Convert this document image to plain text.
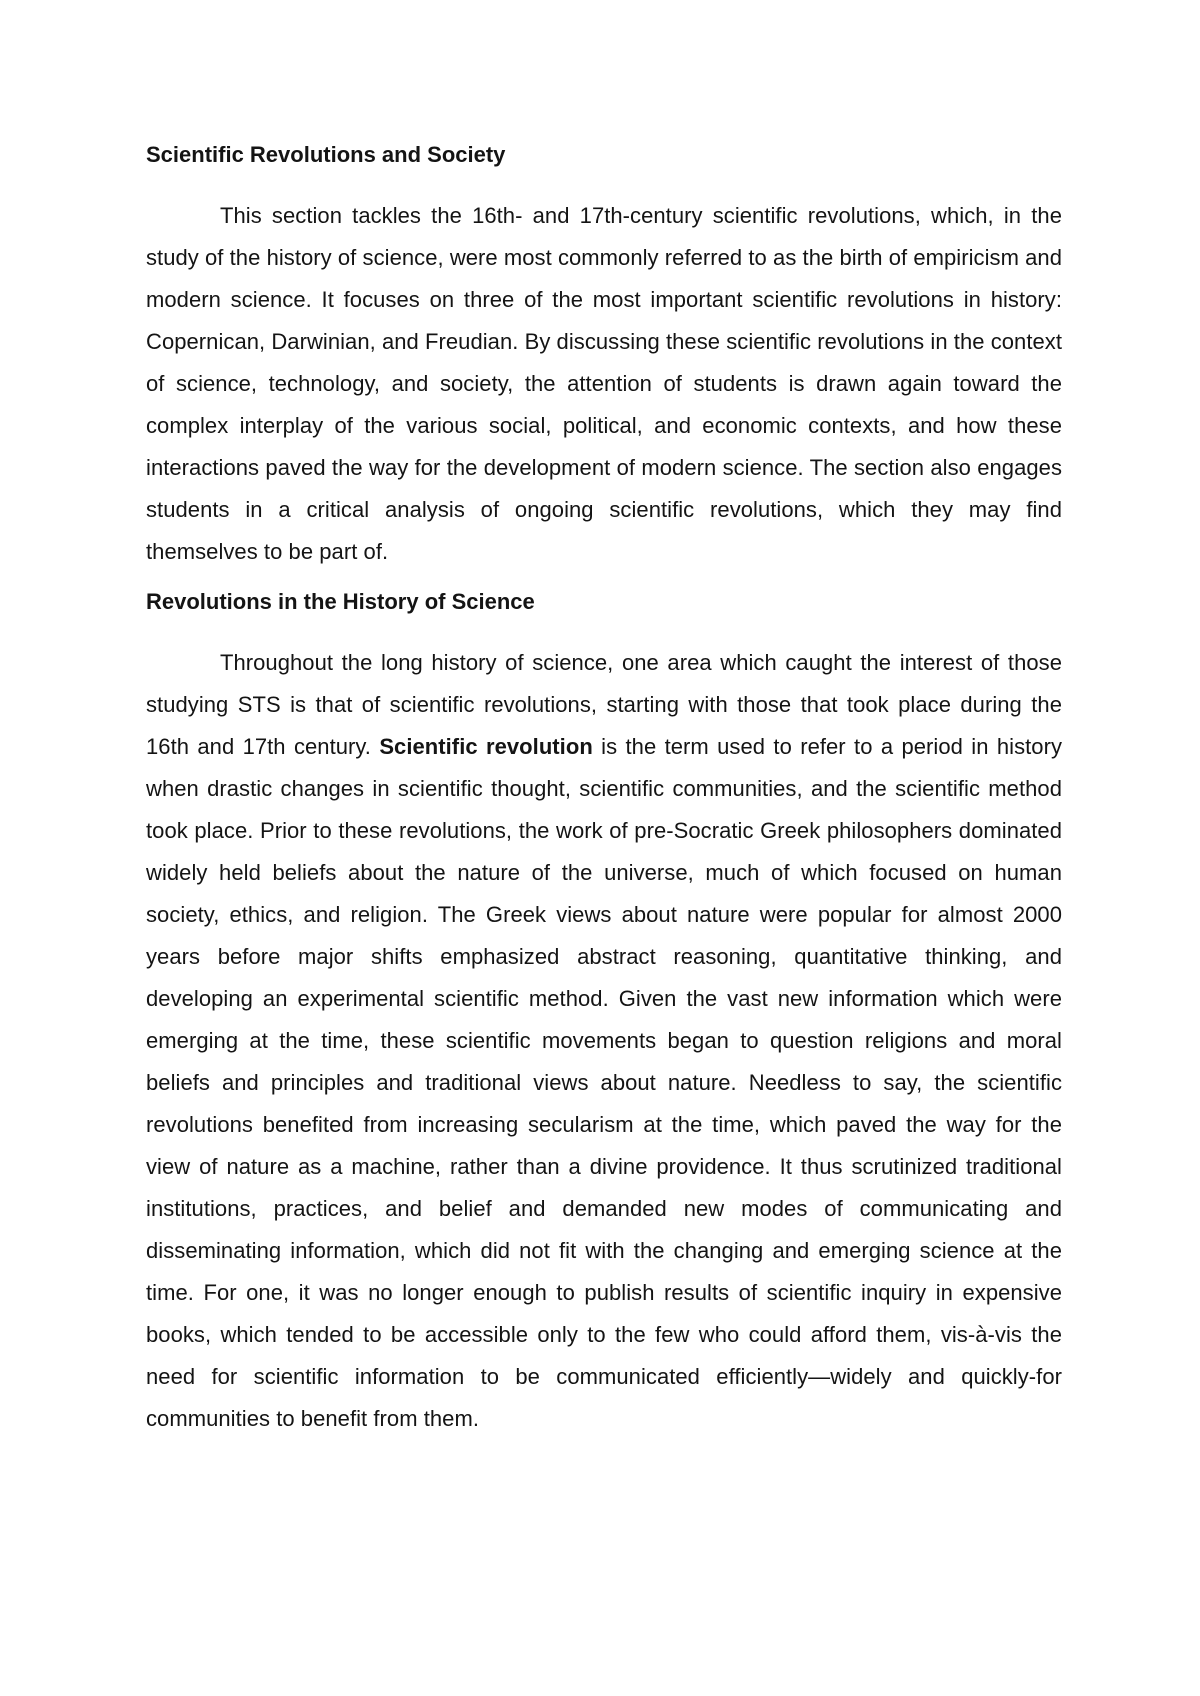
Scientific Revolutions and Society

This section tackles the 16th- and 17th-century scientific revolutions, which, in the study of the history of science, were most commonly referred to as the birth of empiricism and modern science. It focuses on three of the most important scientific revolutions in history: Copernican, Darwinian, and Freudian. By discussing these scientific revolutions in the context of science, technology, and society, the attention of students is drawn again toward the complex interplay of the various social, political, and economic contexts, and how these interactions paved the way for the development of modern science. The section also engages students in a critical analysis of ongoing scientific revolutions, which they may find themselves to be part of.

Revolutions in the History of Science

Throughout the long history of science, one area which caught the interest of those studying STS is that of scientific revolutions, starting with those that took place during the 16th and 17th century. Scientific revolution is the term used to refer to a period in history when drastic changes in scientific thought, scientific communities, and the scientific method took place. Prior to these revolutions, the work of pre-Socratic Greek philosophers dominated widely held beliefs about the nature of the universe, much of which focused on human society, ethics, and religion. The Greek views about nature were popular for almost 2000 years before major shifts emphasized abstract reasoning, quantitative thinking, and developing an experimental scientific method. Given the vast new information which were emerging at the time, these scientific movements began to question religions and moral beliefs and principles and traditional views about nature. Needless to say, the scientific revolutions benefited from increasing secularism at the time, which paved the way for the view of nature as a machine, rather than a divine providence. It thus scrutinized traditional institutions, practices, and belief and demanded new modes of communicating and disseminating information, which did not fit with the changing and emerging science at the time. For one, it was no longer enough to publish results of scientific inquiry in expensive books, which tended to be accessible only to the few who could afford them, vis-à-vis the need for scientific information to be communicated efficiently—widely and quickly-for communities to benefit from them.
